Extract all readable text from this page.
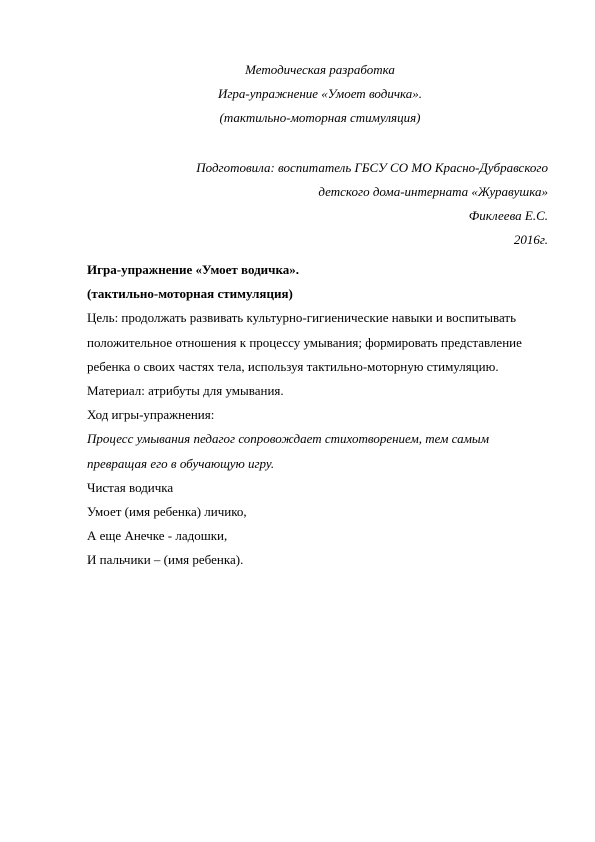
Методическая разработка
Игра-упражнение «Умоет водичка».
(тактильно-моторная стимуляция)
Подготовила: воспитатель ГБСУ СО МО Красно-Дубравского
детского дома-интерната «Журавушка»
Фиклеева Е.С.
2016г.
Игра-упражнение «Умоет водичка».
(тактильно-моторная стимуляция)
Цель: продолжать развивать культурно-гигиенические навыки и воспитывать
положительное отношения к процессу умывания; формировать представление
ребенка о своих частях тела, используя тактильно-моторную стимуляцию.
Материал: атрибуты для умывания.
Ход игры-упражнения:
Процесс умывания педагог сопровождает стихотворением, тем самым
превращая его в обучающую игру.
Чистая водичка
Умоет (имя ребенка) личико,
А еще Анечке - ладошки,
И пальчики – (имя ребенка).
